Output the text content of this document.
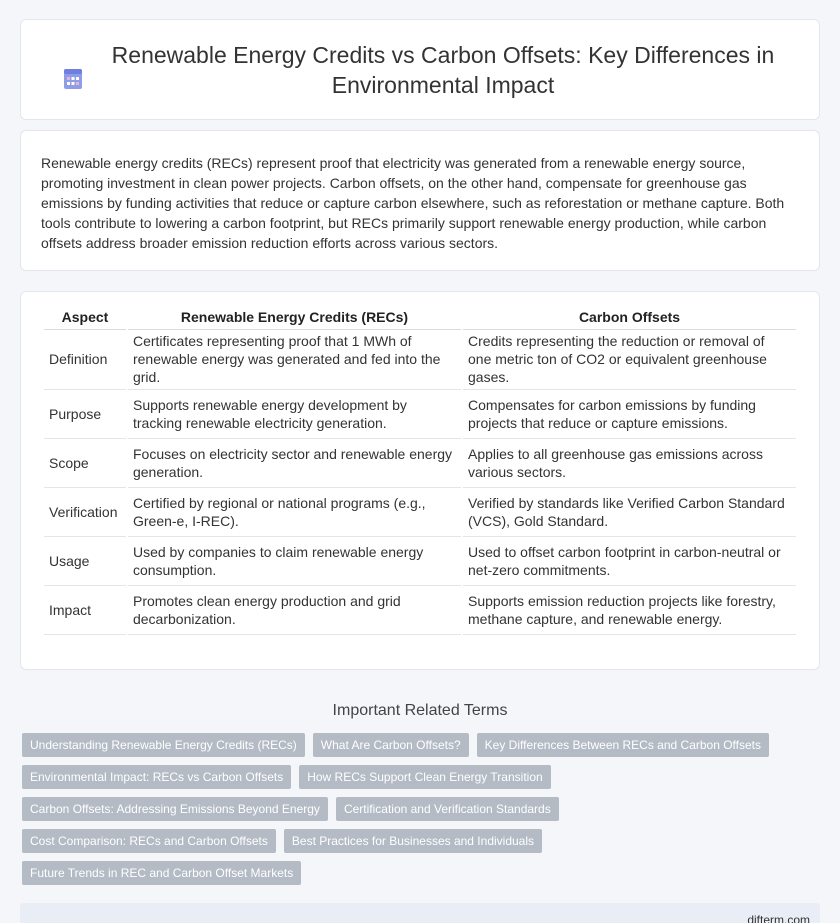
Renewable Energy Credits vs Carbon Offsets: Key Differences in Environmental Impact

Renewable energy credits (RECs) represent proof that electricity was generated from a renewable energy source, promoting investment in clean power projects. Carbon offsets, on the other hand, compensate for greenhouse gas emissions by funding activities that reduce or capture carbon elsewhere, such as reforestation or methane capture. Both tools contribute to lowering a carbon footprint, but RECs primarily support renewable energy production, while carbon offsets address broader emission reduction efforts across various sectors.

Aspect	Renewable Energy Credits (RECs)	Carbon Offsets
Definition	Certificates representing proof that 1 MWh of renewable energy was generated and fed into the grid.	Credits representing the reduction or removal of one metric ton of CO2 or equivalent greenhouse gases.
Purpose	Supports renewable energy development by tracking renewable electricity generation.	Compensates for carbon emissions by funding projects that reduce or capture emissions.
Scope	Focuses on electricity sector and renewable energy generation.	Applies to all greenhouse gas emissions across various sectors.
Verification	Certified by regional or national programs (e.g., Green-e, I-REC).	Verified by standards like Verified Carbon Standard (VCS), Gold Standard.
Usage	Used by companies to claim renewable energy consumption.	Used to offset carbon footprint in carbon-neutral or net-zero commitments.
Impact	Promotes clean energy production and grid decarbonization.	Supports emission reduction projects like forestry, methane capture, and renewable energy.
Important Related Terms
Understanding Renewable Energy Credits (RECs)	What Are Carbon Offsets?	Key Differences Between RECs and Carbon Offsets
Environmental Impact: RECs vs Carbon Offsets	How RECs Support Clean Energy Transition
Carbon Offsets: Addressing Emissions Beyond Energy	Certification and Verification Standards
Cost Comparison: RECs and Carbon Offsets	Best Practices for Businesses and Individuals
Future Trends in REC and Carbon Offset Markets
difterm.com
